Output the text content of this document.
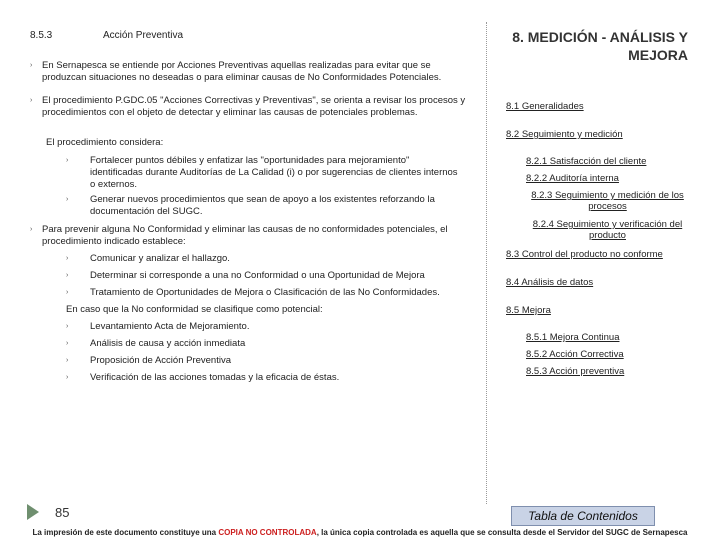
8.5.3	Acción Preventiva	8. MEDICIÓN - ANÁLISIS Y MEJORA
›	En Sernapesca se entiende por Acciones Preventivas aquellas realizadas para evitar que se produzcan situaciones no deseadas o para eliminar causas de No Conformidades Potenciales.
›	El procedimiento P.GDC.05 "Acciones Correctivas y Preventivas", se orienta a revisar los procesos y procedimientos con el objeto de detectar y eliminar las causas de potenciales problemas.
El procedimiento considera:
›	Fortalecer puntos débiles y enfatizar las "oportunidades para mejoramiento" identificadas durante Auditorías de La Calidad (i) o por sugerencias de clientes internos o externos.
›	Generar nuevos procedimientos que sean de apoyo a los existentes reforzando la documentación del SUGC.
›	Para prevenir alguna No Conformidad y eliminar las causas de no conformidades potenciales, el procedimiento indicado establece:
›	Comunicar y analizar el hallazgo.
›	Determinar si corresponde a una no Conformidad o una Oportunidad de Mejora
›	Tratamiento de Oportunidades de Mejora o Clasificación de las No Conformidades.
En caso que la No conformidad se clasifique como potencial:
›	Levantamiento Acta de Mejoramiento.
›	Análisis de causa y acción inmediata
›	Proposición de Acción Preventiva
›	Verificación de las acciones tomadas y la eficacia de éstas.
8.1 Generalidades
8.2 Seguimiento y medición
8.2.1 Satisfacción del cliente
8.2.2 Auditoría interna
8.2.3 Seguimiento y medición de los procesos
8.2.4 Seguimiento y verificación del producto
8.3 Control del producto no conforme
8.4 Análisis de datos
8.5 Mejora
8.5.1 Mejora Continua
8.5.2 Acción Correctiva
8.5.3 Acción preventiva
85	Tabla de Contenidos
La impresión de este documento constituye una COPIA NO CONTROLADA, la única copia controlada es aquella que se consulta desde el Servidor del SUGC de Sernapesca
